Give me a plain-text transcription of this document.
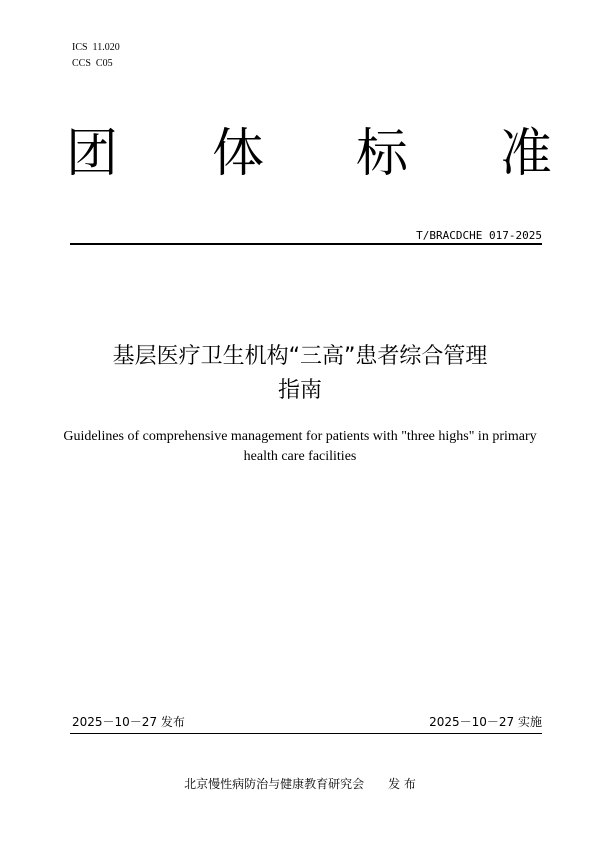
ICS  11.020
CCS  C05
团 体 标 准
T/BRACDCHE 017-2025
基层医疗卫生机构“三高”患者综合管理
指南
Guidelines of comprehensive management for patients with "three highs" in primary
health care facilities
2025－10－27 发布	2025－10－27 实施
北京慢性病防治与健康教育研究会 发 布
